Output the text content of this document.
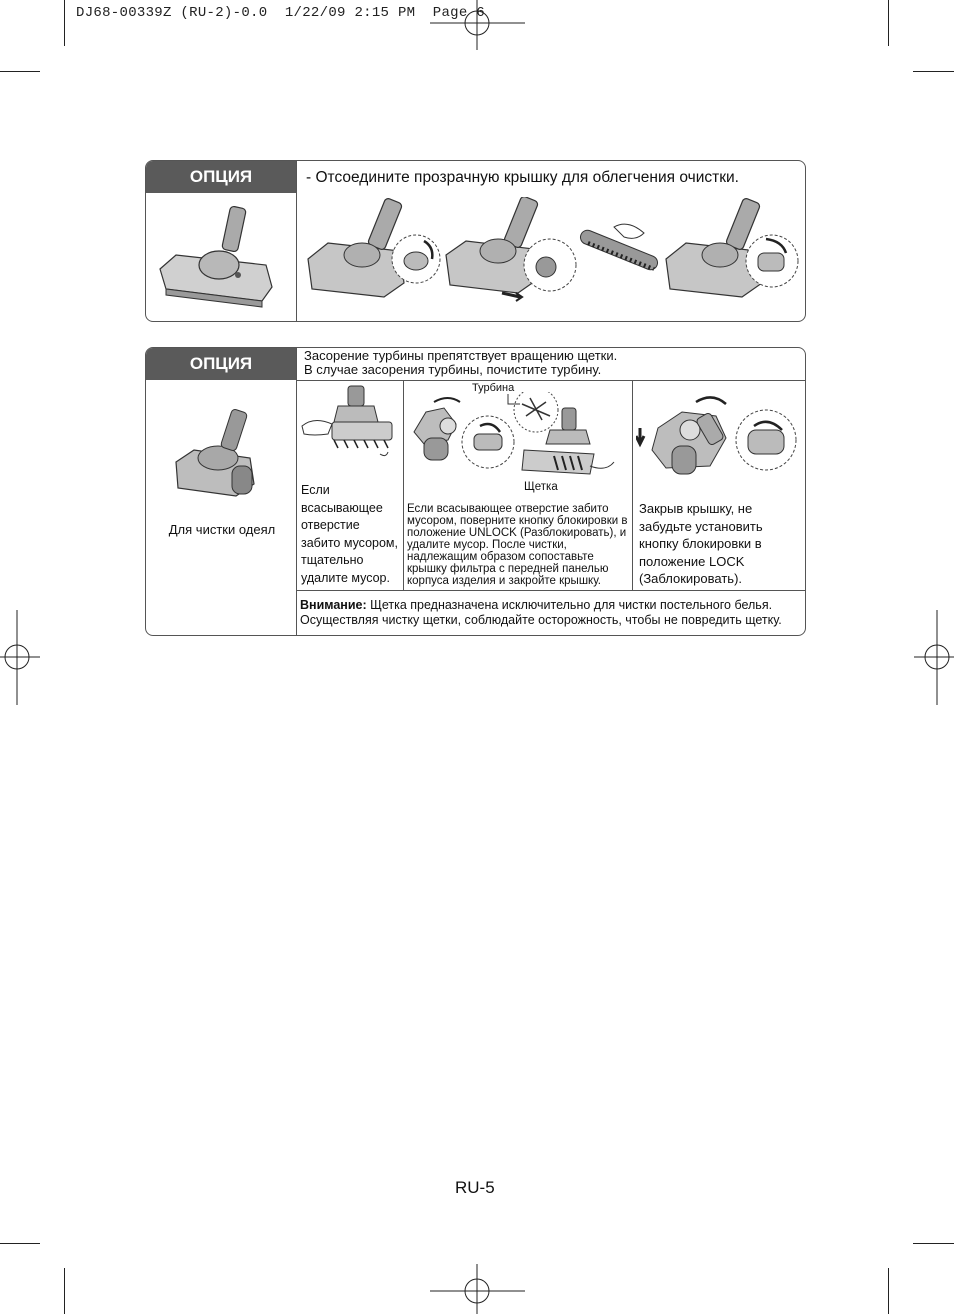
DJ68-00339Z (RU-2)-0.0  1/22/09 2:15 PM  Page 6
ОПЦИЯ	- Отсоедините прозрачную крышку для облегчения очистки.
ОПЦИЯ	Засорение турбины препятствует вращению щетки.
В случае засорения турбины, почистите турбину.
Для чистки одеял
Если всасывающее отверстие забито мусором, тщательно удалите мусор.
Турбина
Щетка
Если всасывающее отверстие забито мусором, поверните кнопку блокировки в положение UNLOCK (Разблокировать), и удалите мусор. После чистки, надлежащим образом сопоставьте крышку фильтра с передней панелью корпуса изделия и закройте крышку.
Закрыв крышку, не забудьте установить кнопку блокировки в положение LOCK (Заблокировать).
Внимание: Щетка предназначена исключительно для чистки постельного белья.
Осуществляя чистку щетки, соблюдайте осторожность, чтобы не повредить щетку.
RU-5
